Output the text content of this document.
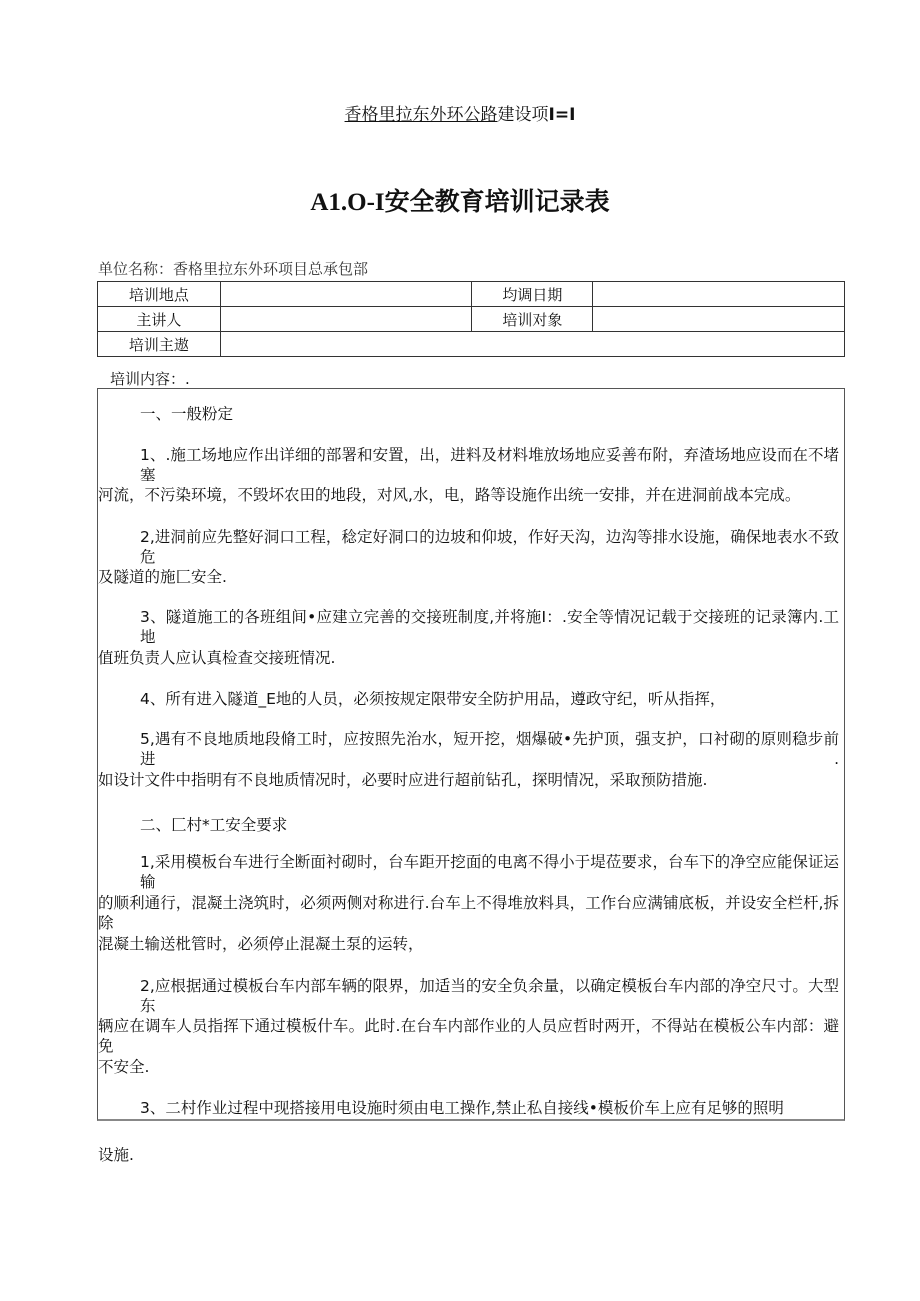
香格里拉东外环公路建设项I=I
A1.O-I安全教育培训记录表
单位名称：香格里拉东外环项目总承包部
培训地点		均调日期	
主讲人		培训对象	
培训主遨			
培训内容：.
一、一般粉定
1、.施工场地应作出详细的部署和安置，出，进料及材料堆放场地应妥善布附，弃渣场地应设而在不堵塞
河流，不污染环境，不毁坏农田的地段，对风,水，电，路等设施作出统一安排，并在进洞前战本完成。
2,进洞前应先整好洞口工程，稔定好洞口的边坡和仰坡，作好天沟，边沟等排水设施，确保地表水不致危
及隧道的施匚安全.
3、隧道施工的各班组间•应建立完善的交接班制度,并将施I：.安全等情况记载于交接班的记录簿内.工地
值班负责人应认真检查交接班情况.
4、所有进入隧道_E地的人员，必须按规定限带安全防护用品，遵政守纪，听从指挥，
5,遇有不良地质地段脩工时，应按照先治水，短开挖，烟爆破•先护顶，强支护，口衬砌的原则稳步前进.
如设计文件中指明有不良地质情况时，必要时应进行超前钻孔，探明情况，采取预防措施.
二、匚村*工安全要求
1,采用模板台车进行全断面衬砌时，台车距开挖面的电离不得小于堤莅要求，台车下的净空应能保证运输
的顺利通行，混凝土浇筑时，必须两侧对称进行.台车上不得堆放料具，工作台应满铺底板，并设安全栏杆,拆除
混凝土输送枇管时，必须停止混凝土泵的运转，
2,应根据通过模板台车内部车辆的限界，加适当的安全负余量，以确定模板台车内部的净空尺寸。大型东
辆应在调车人员指挥下通过模板什车。此时.在台车内部作业的人员应哲时两开，不得站在模板公车内部：避免
不安全.
3、二村作业过程中现搭接用电设施时须由电工操作,禁止私自接线•模板价车上应有足够的照明
设施.
